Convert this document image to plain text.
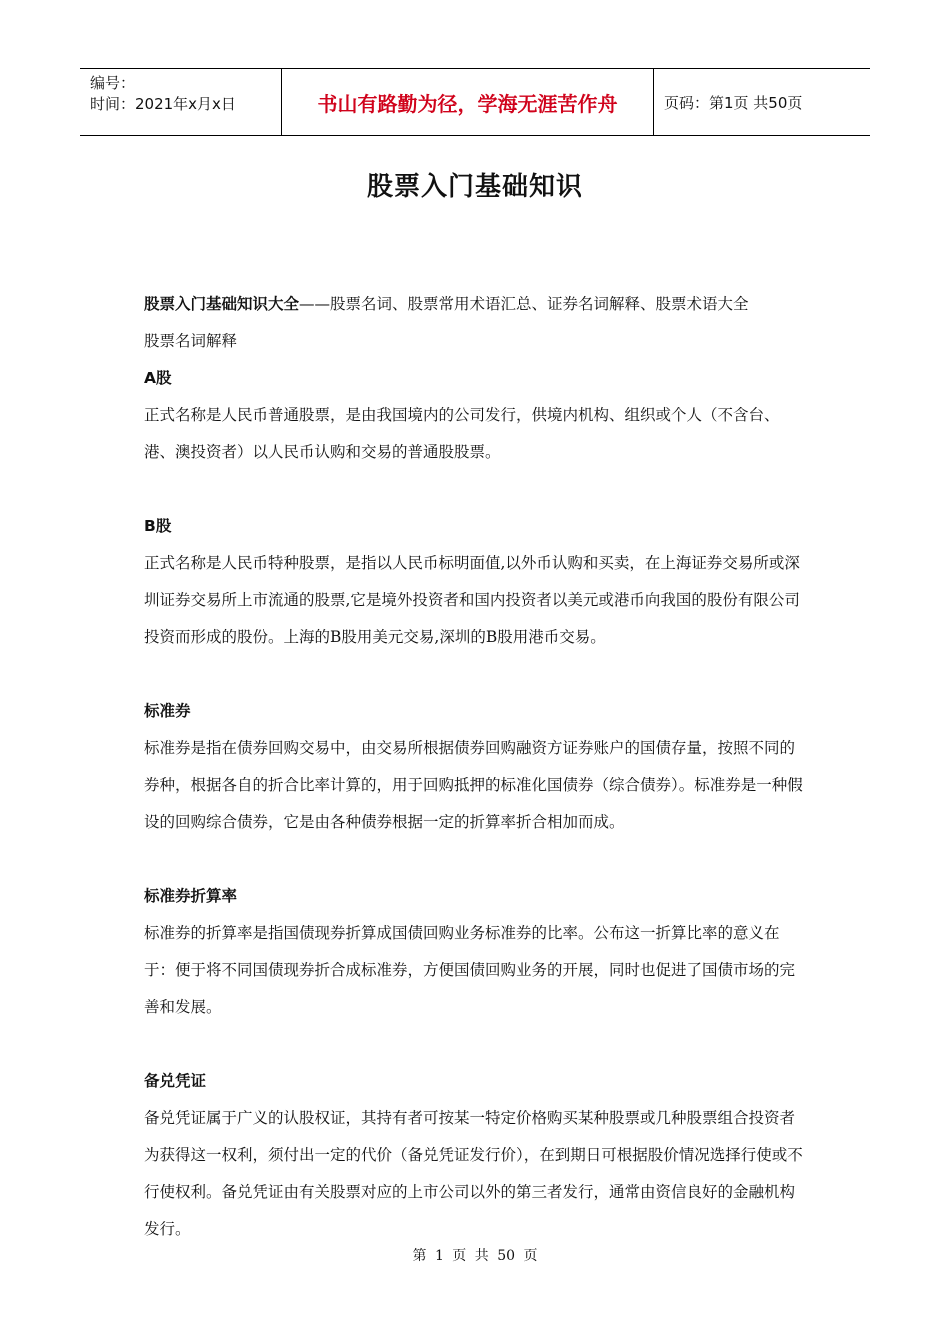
编号：
时间：2021年x月x日	书山有路勤为径，学海无涯苦作舟	页码：第1页 共50页
股票入门基础知识

股票入门基础知识大全——股票名词、股票常用术语汇总、证券名词解释、股票术语大全

股票名词解释

A股

正式名称是人民币普通股票，是由我国境内的公司发行，供境内机构、组织或个人（不含台、港、澳投资者）以人民币认购和交易的普通股股票。

B股

正式名称是人民币特种股票，是指以人民币标明面值,以外币认购和买卖，在上海证券交易所或深圳证券交易所上市流通的股票,它是境外投资者和国内投资者以美元或港币向我国的股份有限公司投资而形成的股份。上海的B股用美元交易,深圳的B股用港币交易。

标准券

标准券是指在债券回购交易中，由交易所根据债券回购融资方证券账户的国债存量，按照不同的券种，根据各自的折合比率计算的，用于回购抵押的标准化国债券（综合债券）。标准券是一种假设的回购综合债券，它是由各种债券根据一定的折算率折合相加而成。

标准券折算率

标准券的折算率是指国债现券折算成国债回购业务标准券的比率。公布这一折算比率的意义在于：便于将不同国债现券折合成标准券，方便国债回购业务的开展，同时也促进了国债市场的完善和发展。

备兑凭证

备兑凭证属于广义的认股权证，其持有者可按某一特定价格购买某种股票或几种股票组合投资者为获得这一权利，须付出一定的代价（备兑凭证发行价），在到期日可根据股价情况选择行使或不行使权利。备兑凭证由有关股票对应的上市公司以外的第三者发行，通常由资信良好的金融机构发行。

第 1 页 共 50 页
